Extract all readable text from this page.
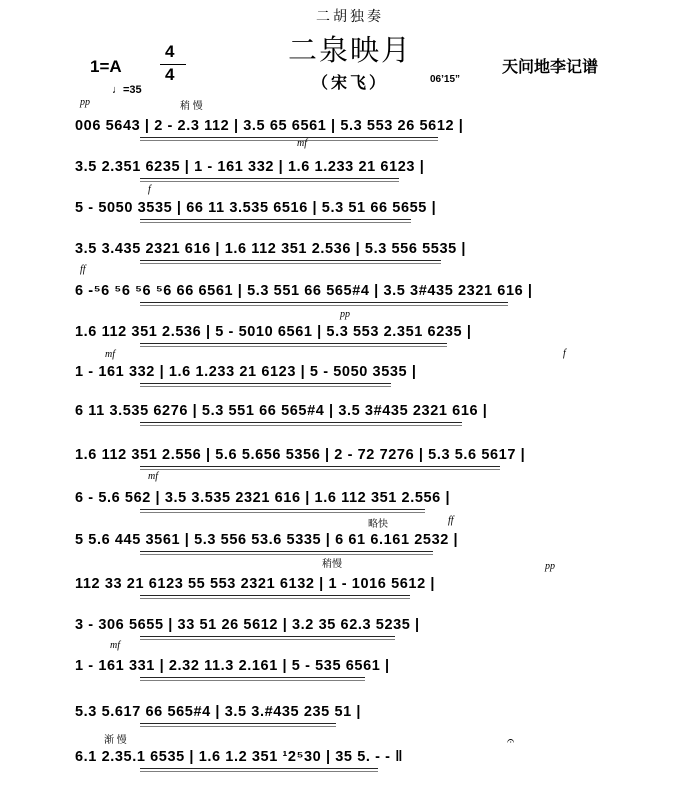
二胡独奏
二泉映月
（宋飞）	06’15”
1=A
4
4
♩=35
天问地李记谱
pp	稍 慢
mf
f
ff
pp
mf	f
mf
略快	ff
稍慢	pp
mf
渐 慢	𝄐
006 5643 | 2 - 2.3 112 | 3.5 65 6561 | 5.3 553 26 5612 |
3.5 2.351 6235 | 1 - 161 332 | 1.6 1.233 21 6123 |
5 - 5050 3535 | 66 11 3.535 6516 | 5.3 51 66 5655 |
3.5 3.435 2321 616 | 1.6 112 351 2.536 | 5.3 556 5535 |
6 -⁵6 ⁵6 ⁵6 ⁵6 66 6561 | 5.3 551 66 565#4 | 3.5 3#435 2321 616 |
1.6 112 351 2.536 | 5 - 5010 6561 | 5.3 553 2.351 6235 |
1 - 161 332 | 1.6 1.233 21 6123 | 5 - 5050 3535 |
6 11 3.535 6276 | 5.3 551 66 565#4 | 3.5 3#435 2321 616 |
1.6 112 351 2.556 | 5.6 5.656 5356 | 2 - 72 7276 | 5.3 5.6 5617 |
6 - 5.6 562 | 3.5 3.535 2321 616 | 1.6 112 351 2.556 |
5 5.6 445 3561 | 5.3 556 53.6 5335 | 6 61 6.161 2532 |
112 33 21 6123 55 553 2321 6132 | 1 - 1016 5612 |
3 - 306 5655 | 33 51 26 5612 | 3.2 35 62.3 5235 |
1 - 161 331 | 2.32 11.3 2.161 | 5 - 535 6561 |
5.3 5.617 66 565#4 | 3.5 3.#435 235 51 |
6.1 2.35.1 6535 | 1.6 1.2 351 ¹2⁵30 | 35 5. - - ‖
